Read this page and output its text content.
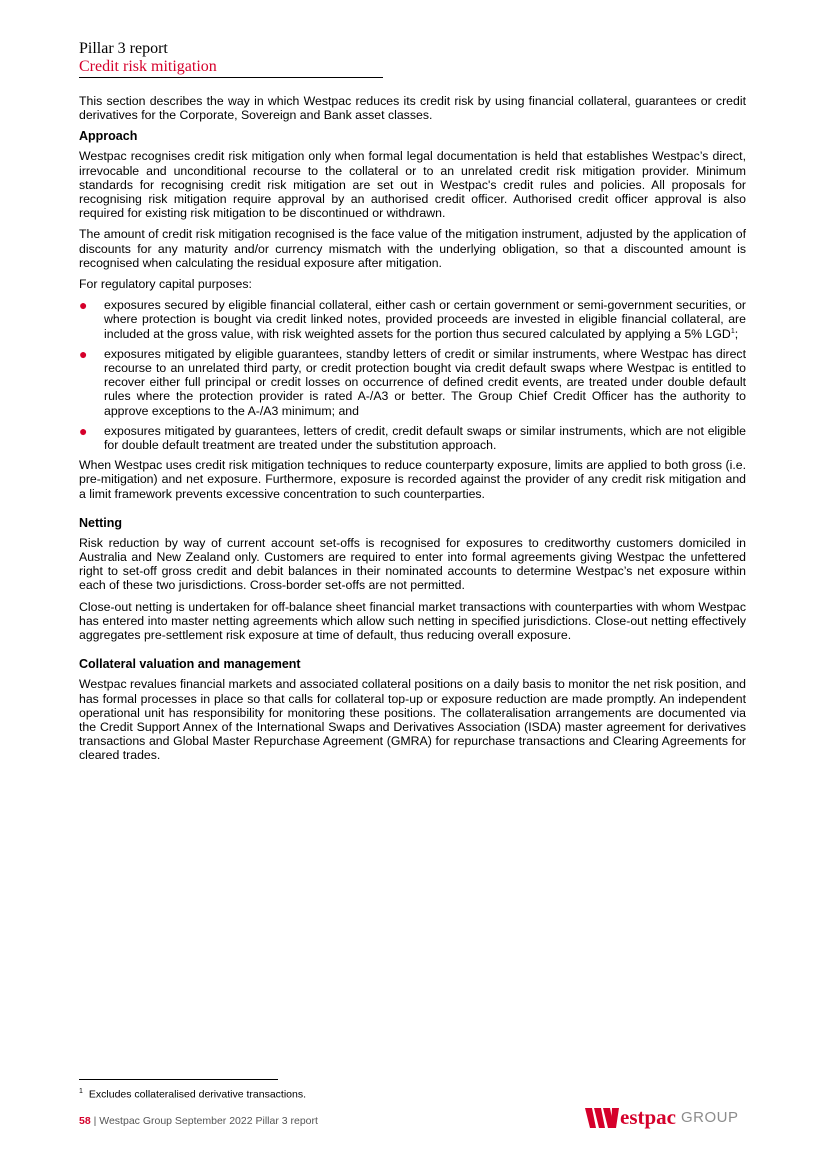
Pillar 3 report
Credit risk mitigation

This section describes the way in which Westpac reduces its credit risk by using financial collateral, guarantees or credit derivatives for the Corporate, Sovereign and Bank asset classes.

Approach

Westpac recognises credit risk mitigation only when formal legal documentation is held that establishes Westpac’s direct, irrevocable and unconditional recourse to the collateral or to an unrelated credit risk mitigation provider. Minimum standards for recognising credit risk mitigation are set out in Westpac's credit rules and policies. All proposals for recognising risk mitigation require approval by an authorised credit officer. Authorised credit officer approval is also required for existing risk mitigation to be discontinued or withdrawn.

The amount of credit risk mitigation recognised is the face value of the mitigation instrument, adjusted by the application of discounts for any maturity and/or currency mismatch with the underlying obligation, so that a discounted amount is recognised when calculating the residual exposure after mitigation.

For regulatory capital purposes:

● exposures secured by eligible financial collateral, either cash or certain government or semi-government securities, or where protection is bought via credit linked notes, provided proceeds are invested in eligible financial collateral, are included at the gross value, with risk weighted assets for the portion thus secured calculated by applying a 5% LGD$^1$;
● exposures mitigated by eligible guarantees, standby letters of credit or similar instruments, where Westpac has direct recourse to an unrelated third party, or credit protection bought via credit default swaps where Westpac is entitled to recover either full principal or credit losses on occurrence of defined credit events, are treated under double default rules where the protection provider is rated A-/A3 or better. The Group Chief Credit Officer has the authority to approve exceptions to the A-/A3 minimum; and
● exposures mitigated by guarantees, letters of credit, credit default swaps or similar instruments, which are not eligible for double default treatment are treated under the substitution approach.

When Westpac uses credit risk mitigation techniques to reduce counterparty exposure, limits are applied to both gross (i.e. pre-mitigation) and net exposure. Furthermore, exposure is recorded against the provider of any credit risk mitigation and a limit framework prevents excessive concentration to such counterparties.

Netting

Risk reduction by way of current account set-offs is recognised for exposures to creditworthy customers domiciled in Australia and New Zealand only. Customers are required to enter into formal agreements giving Westpac the unfettered right to set-off gross credit and debit balances in their nominated accounts to determine Westpac’s net exposure within each of these two jurisdictions. Cross-border set-offs are not permitted.

Close-out netting is undertaken for off-balance sheet financial market transactions with counterparties with whom Westpac has entered into master netting agreements which allow such netting in specified jurisdictions. Close-out netting effectively aggregates pre-settlement risk exposure at time of default, thus reducing overall exposure.

Collateral valuation and management

Westpac revalues financial markets and associated collateral positions on a daily basis to monitor the net risk position, and has formal processes in place so that calls for collateral top-up or exposure reduction are made promptly. An independent operational unit has responsibility for monitoring these positions. The collateralisation arrangements are documented via the Credit Support Annex of the International Swaps and Derivatives Association (ISDA) master agreement for derivatives transactions and Global Master Repurchase Agreement (GMRA) for repurchase transactions and Clearing Agreements for cleared trades.

$^1$ Excludes collateralised derivative transactions.
58 | Westpac Group September 2022 Pillar 3 report	estpac GROUP
